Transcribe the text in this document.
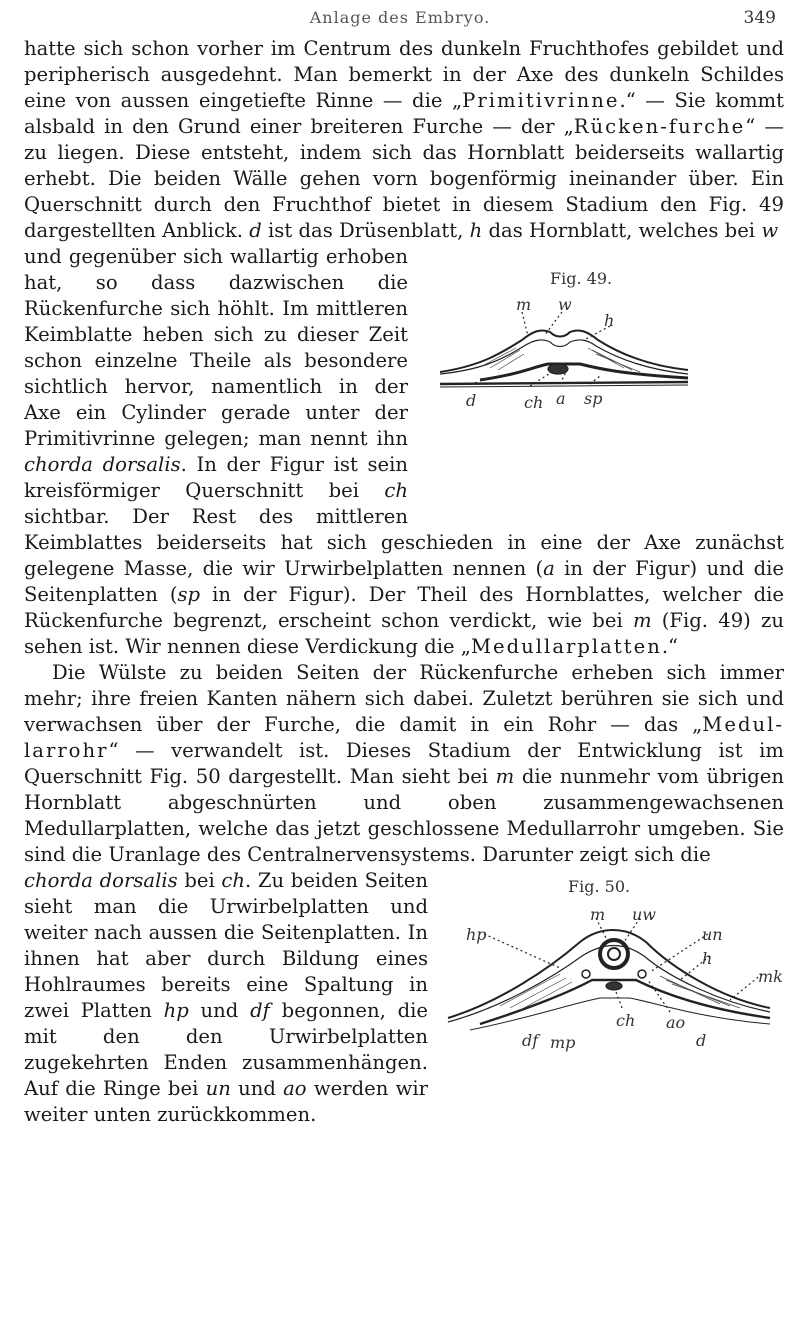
Anlage des Embryo.	349

hatte sich schon vorher im Centrum des dunkeln Fruchthofes gebildet und peripherisch ausgedehnt. Man bemerkt in der Axe des dunkeln Schildes eine von aussen eingetiefte Rinne — die „Primitivrinne.“ — Sie kommt alsbald in den Grund einer breiteren Furche — der „Rücken-furche“ — zu liegen. Diese entsteht, indem sich das Hornblatt beiderseits wallartig erhebt. Die beiden Wälle gehen vorn bogenförmig ineinander über. Ein Querschnitt durch den Fruchthof bietet in diesem Stadium den Fig. 49 dargestellten Anblick. d ist das Drüsenblatt, h das Hornblatt, welches bei w

Fig. 49.
m w
h
d	ch a sp
und gegenüber sich wallartig erhoben hat, so dass dazwischen die Rückenfurche sich höhlt. Im mittleren Keimblatte heben sich zu dieser Zeit schon einzelne Theile als besondere sichtlich hervor, namentlich in der Axe ein Cylinder gerade unter der Primitivrinne gelegen; man nennt ihn chorda dorsalis. In der Figur ist sein kreisförmiger Querschnitt bei ch sichtbar. Der Rest des mittleren Keimblattes beiderseits hat sich geschieden in eine der Axe zunächst gelegene Masse, die wir Urwirbelplatten nennen (a in der Figur) und die Seitenplatten (sp in der Figur). Der Theil des Hornblattes, welcher die Rückenfurche begrenzt, erscheint schon verdickt, wie bei m (Fig. 49) zu sehen ist. Wir nennen diese Verdickung die „Medullarplatten.“

Die Wülste zu beiden Seiten der Rückenfurche erheben sich immer mehr; ihre freien Kanten nähern sich dabei. Zuletzt berühren sie sich und verwachsen über der Furche, die damit in ein Rohr — das „Medul-larrohr“ — verwandelt ist. Dieses Stadium der Entwicklung ist im Querschnitt Fig. 50 dargestellt. Man sieht bei m die nunmehr vom übrigen Hornblatt abgeschnürten und oben zusammengewachsenen Medullarplatten, welche das jetzt geschlossene Medullarrohr umgeben. Sie sind die Uranlage des Centralnervensystems. Darunter zeigt sich die

Fig. 50.
m uw
hp	un
h
mk
ch ao
df mp	d
chorda dorsalis bei ch. Zu beiden Seiten sieht man die Urwirbelplatten und weiter nach aussen die Seitenplatten. In ihnen hat aber durch Bildung eines Hohlraumes bereits eine Spaltung in zwei Platten hp und df begonnen, die mit den den Urwirbelplatten zugekehrten Enden zusammenhängen. Auf die Ringe bei un und ao werden wir weiter unten zurückkommen.
